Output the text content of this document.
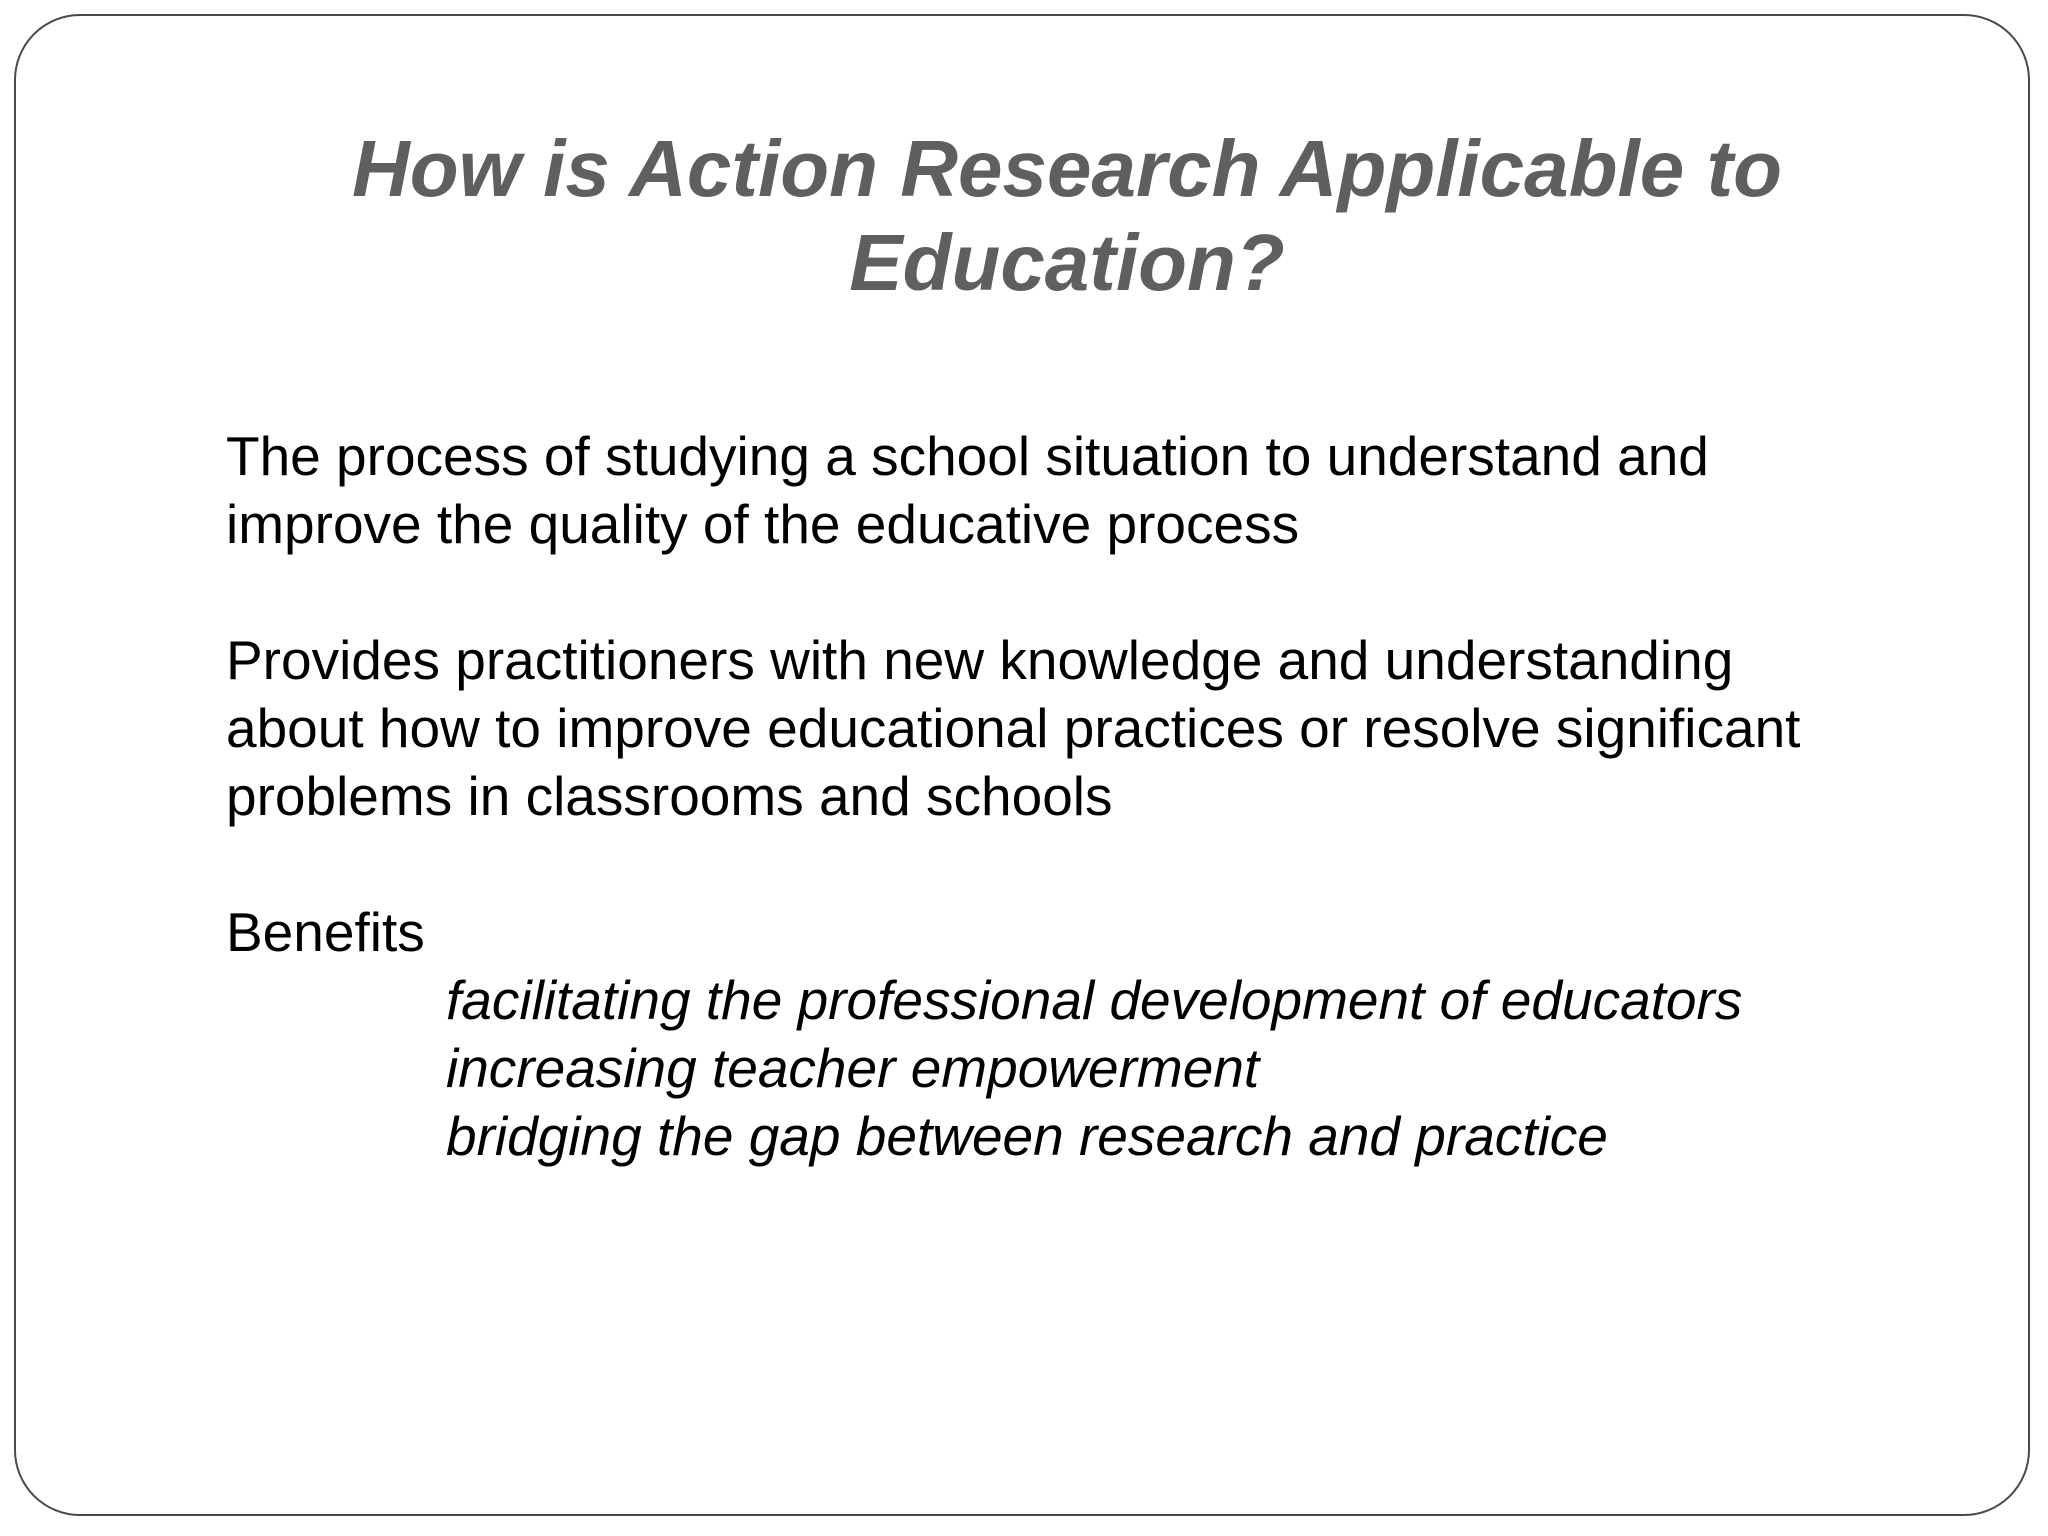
How is Action Research Applicable to
Education?

The process of studying a school situation to understand and
improve the quality of the educative process

Provides practitioners with new knowledge and understanding
about how to improve educational practices or resolve significant
problems in classrooms and schools

Benefits
facilitating the professional development of educators
increasing teacher empowerment
bridging the gap between research and practice
